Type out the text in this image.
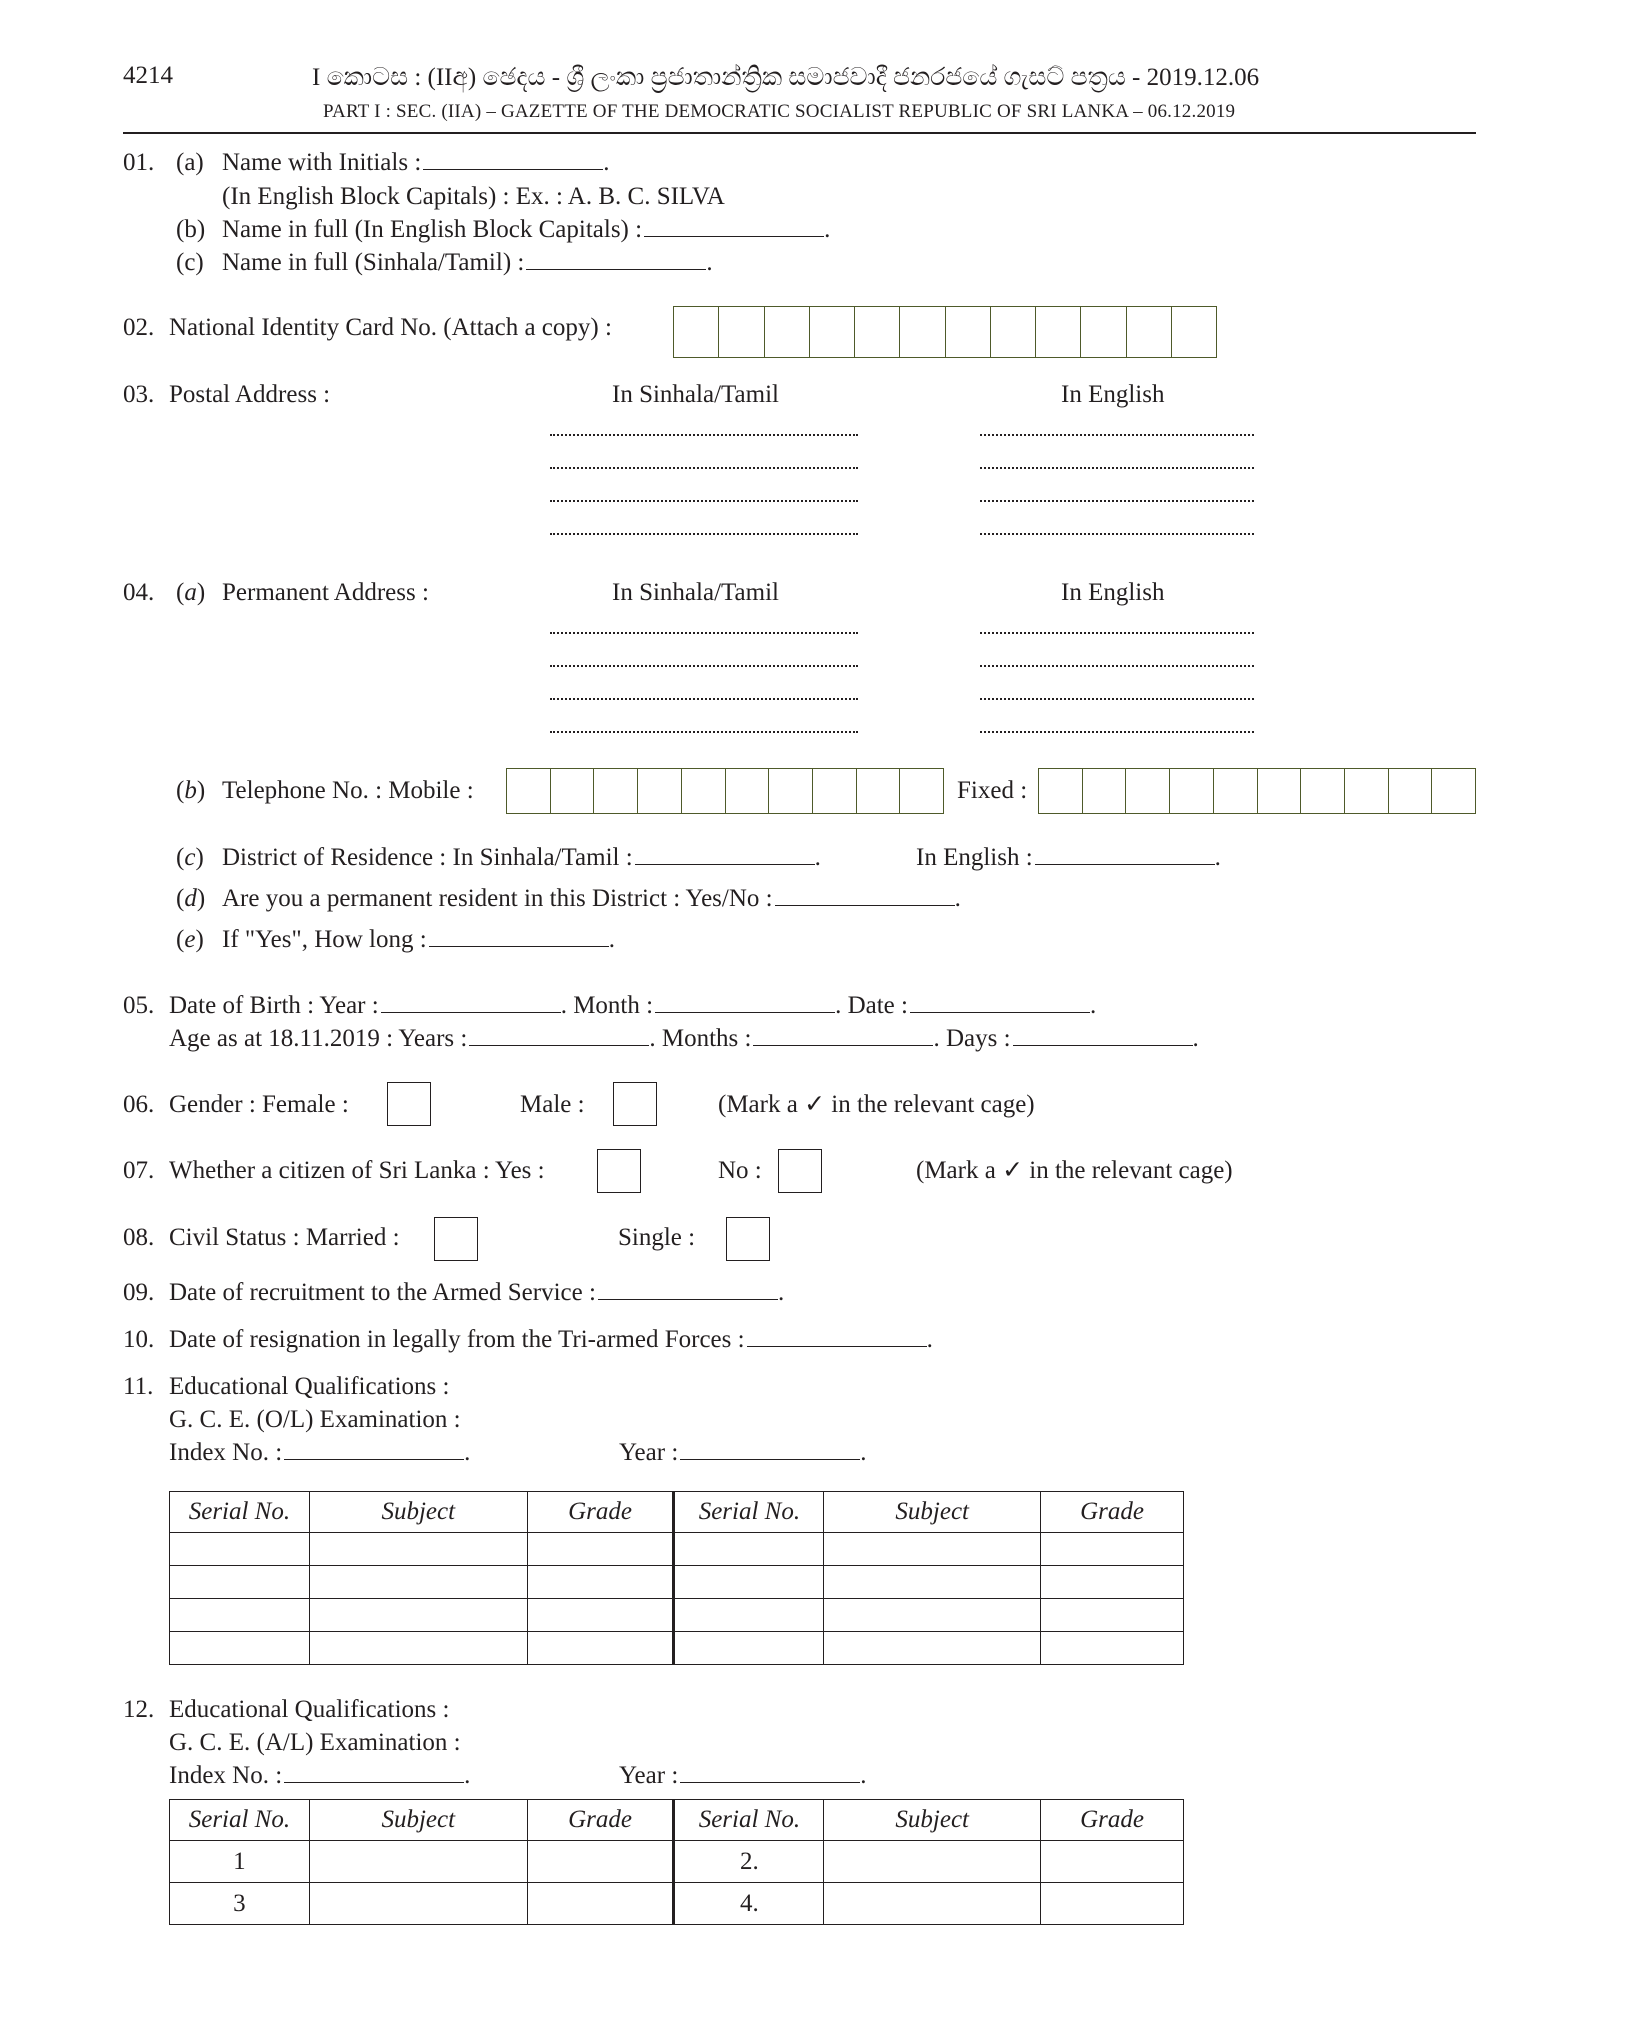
4214	I කොටස : (IIඅ) ඡෙදය - ශ්‍රී ලංකා ප්‍රජාතාන්ත්‍රික සමාජවාදී ජනරජයේ ගැසට් පත්‍රය - 2019.12.06
PART I : SEC. (IIA) – GAZETTE OF THE DEMOCRATIC SOCIALIST REPUBLIC OF SRI LANKA – 06.12.2019
01. (a) Name with Initials :	.
(In English Block Capitals) : Ex. : A. B. C. SILVA
(b) Name in full (In English Block Capitals) :	.
(c) Name in full (Sinhala/Tamil) :	.
02. National Identity Card No. (Attach a copy) :
03. Postal Address :	In Sinhala/Tamil	In English
04. (a) Permanent Address :	In Sinhala/Tamil	In English
(b) Telephone No. : Mobile :	Fixed :
(c) District of Residence : In Sinhala/Tamil :	.	In English :	.
(d) Are you a permanent resident in this District : Yes/No :	.
(e) If "Yes", How long :	.
05. Date of Birth : Year :	. Month :	. Date :	.
Age as at 18.11.2019 : Years :	. Months :	. Days :	.
06. Gender : Female :	Male :	(Mark a ✓ in the relevant cage)
07. Whether a citizen of Sri Lanka : Yes :	No :	(Mark a ✓ in the relevant cage)
08. Civil Status : Married :	Single :
09. Date of recruitment to the Armed Service :	.
10. Date of resignation in legally from the Tri-armed Forces :	.
11. Educational Qualifications :
G. C. E. (O/L) Examination :
Index No. :	.	Year :	.
Serial No.	Subject	Grade	Serial No.	Subject	Grade

12. Educational Qualifications :
G. C. E. (A/L) Examination :
Index No. :	.	Year :	.
Serial No.	Subject	Grade	Serial No.	Subject	Grade
1			2.		
3			4.		
